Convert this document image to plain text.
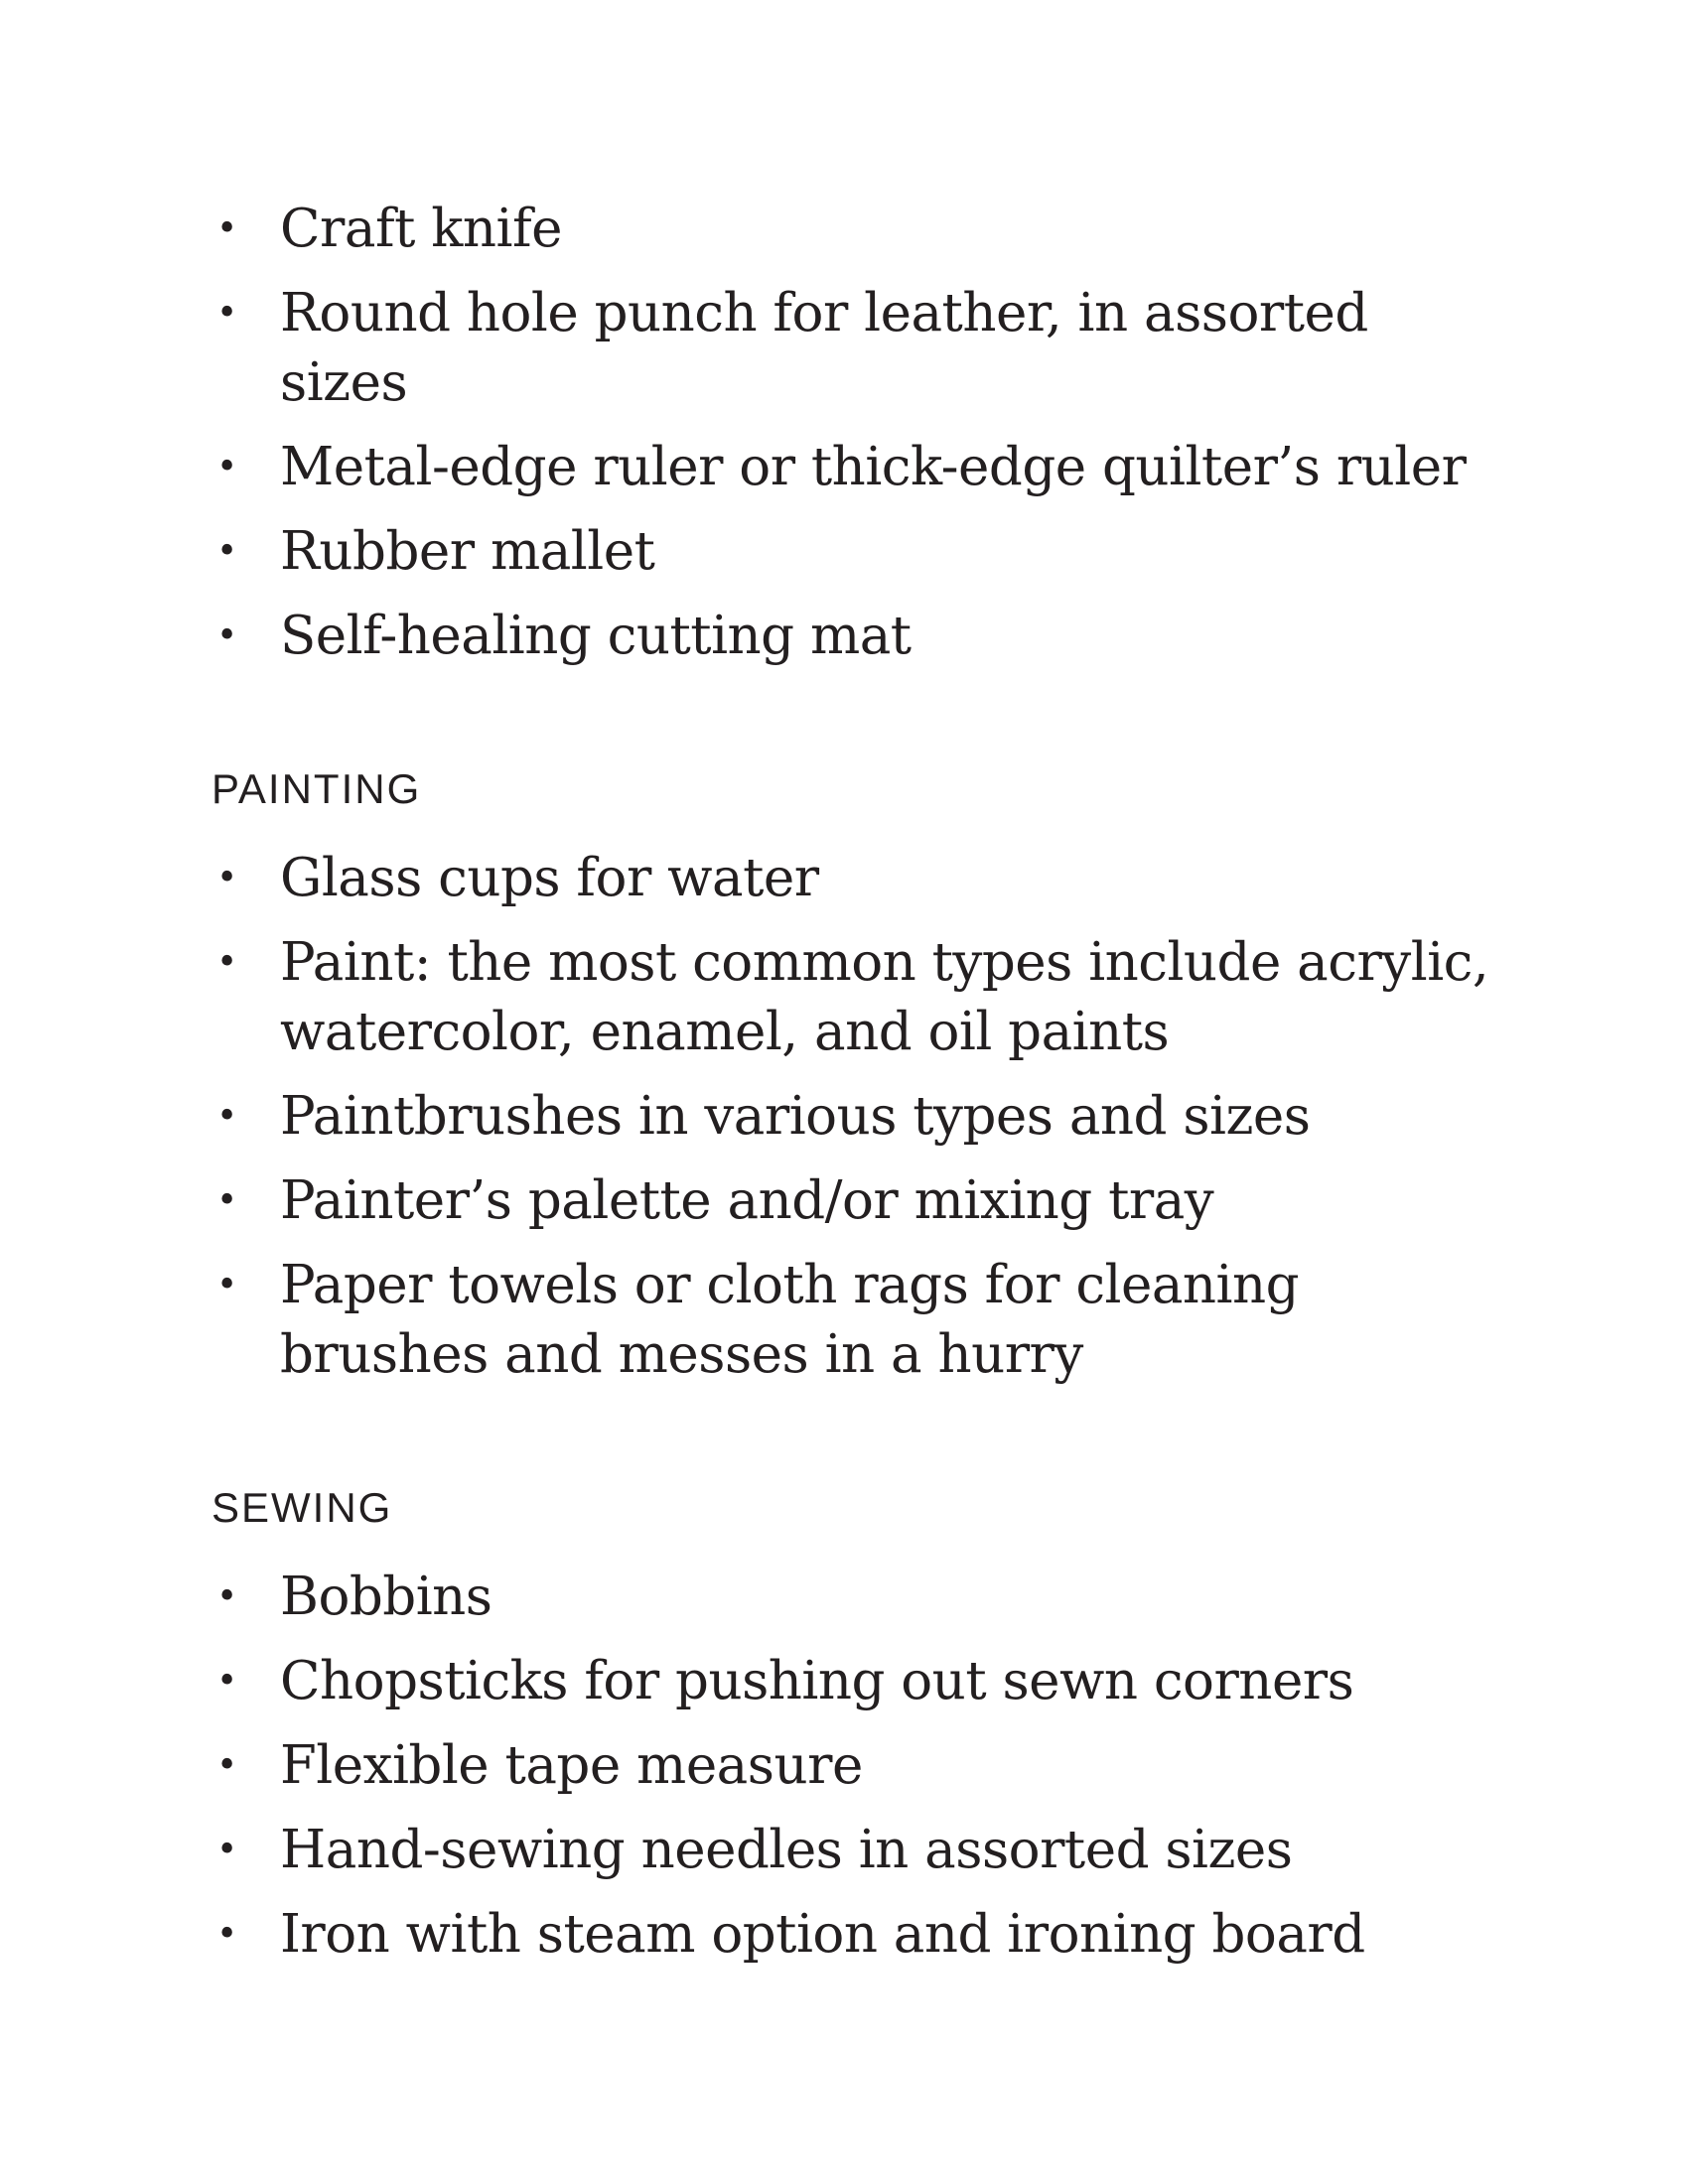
• Craft knife
• Round hole punch for leather, in assorted sizes
• Metal-edge ruler or thick-edge quilter’s ruler
• Rubber mallet
• Self-healing cutting mat
PAINTING
• Glass cups for water
• Paint: the most common types include acrylic, watercolor, enamel, and oil paints
• Paintbrushes in various types and sizes
• Painter’s palette and/or mixing tray
• Paper towels or cloth rags for cleaning brushes and messes in a hurry
SEWING
• Bobbins
• Chopsticks for pushing out sewn corners
• Flexible tape measure
• Hand-sewing needles in assorted sizes
• Iron with steam option and ironing board
